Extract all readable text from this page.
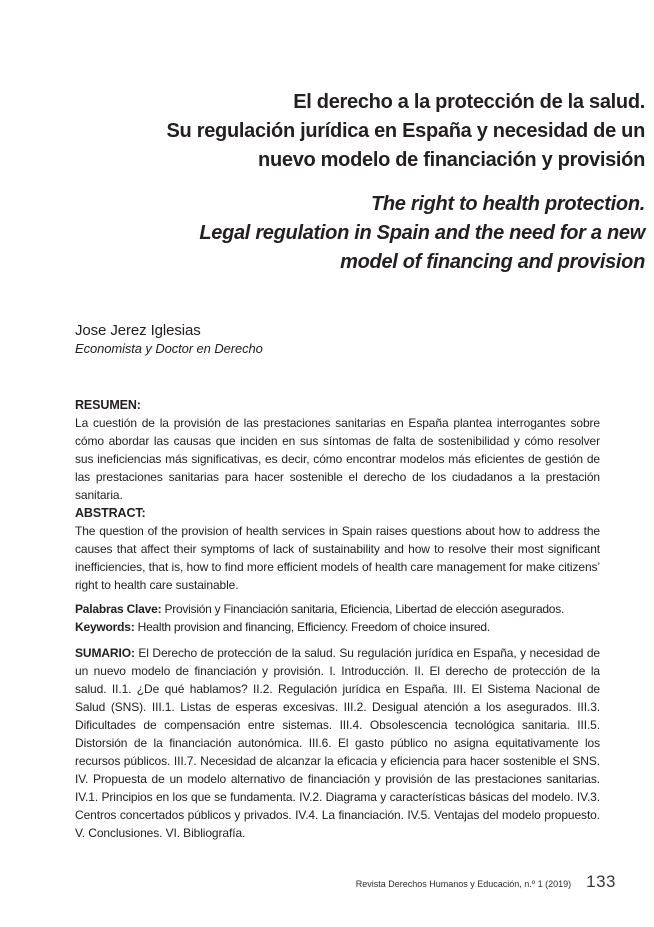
El derecho a la protección de la salud.
Su regulación jurídica en España y necesidad de un
nuevo modelo de financiación y provisión
The right to health protection.
Legal regulation in Spain and the need for a new
model of financing and provision

Jose Jerez Iglesias

Economista y Doctor en Derecho

RESUMEN:

La cuestión de la provisión de las prestaciones sanitarias en España plantea interrogantes sobre cómo abordar las causas que inciden en sus síntomas de falta de sostenibilidad y cómo resolver sus ineficiencias más significativas, es decir, cómo encontrar modelos más eficientes de gestión de las prestaciones sanitarias para hacer sostenible el derecho de los ciudadanos a la prestación sanitaria.

ABSTRACT:

The question of the provision of health services in Spain raises questions about how to address the causes that affect their symptoms of lack of sustainability and how to resolve their most significant inefficiencies, that is, how to find more efficient models of health care management for make citizens’ right to health care sustainable.

Palabras Clave: Provisión y Financiación sanitaria, Eficiencia, Libertad de elección asegurados.

Keywords: Health provision and financing, Efficiency. Freedom of choice insured.

SUMARIO: El Derecho de protección de la salud. Su regulación jurídica en España, y necesidad de un nuevo modelo de financiación y provisión. I. Introducción. II. El derecho de protección de la salud. II.1. ¿De qué hablamos? II.2. Regulación jurídica en España. III. El Sistema Nacional de Salud (SNS). III.1. Listas de esperas excesivas. III.2. Desigual atención a los asegurados. III.3. Dificultades de compensación entre sistemas. III.4. Obsolescencia tecnológica sanitaria. III.5. Distorsión de la financiación autonómica. III.6. El gasto público no asigna equitativamente los recursos públicos. III.7. Necesidad de alcanzar la eficacia y eficiencia para hacer sostenible el SNS. IV. Propuesta de un modelo alternativo de financiación y provisión de las prestaciones sanitarias. IV.1. Principios en los que se fundamenta. IV.2. Diagrama y características básicas del modelo. IV.3. Centros concertados públicos y privados. IV.4. La financiación. IV.5. Ventajas del modelo propuesto. V. Conclusiones. VI. Bibliografía.

Revista Derechos Humanos y Educación, n.º 1 (2019) 133
